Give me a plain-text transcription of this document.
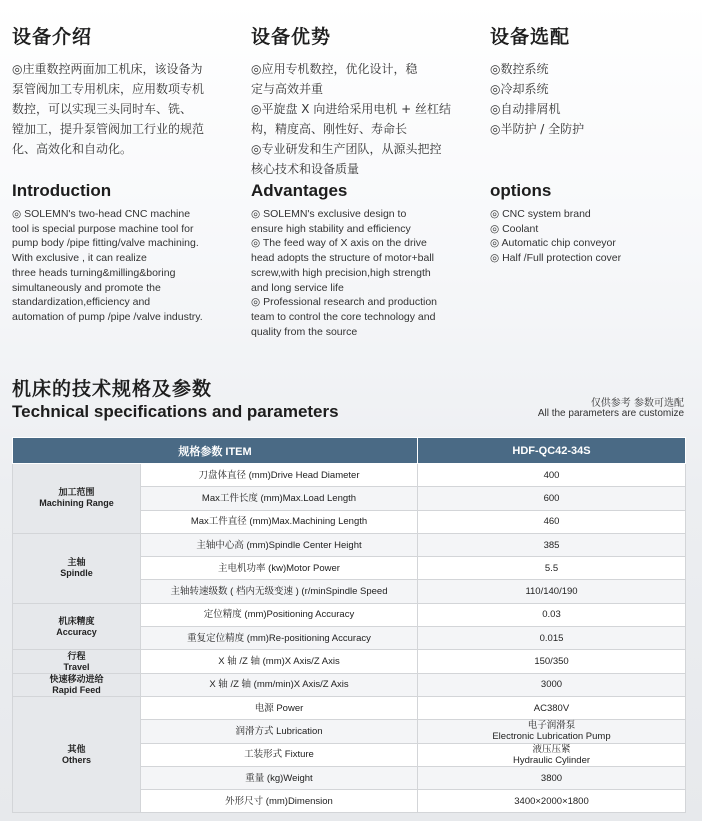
设备介绍

◎庄重数控两面加工机床，该设备为

泵管阀加工专用机床，应用数项专机

数控，可以实现三头同时车、铣、

镗加工，提升泵管阀加工行业的规范

化、高效化和自动化。

Introduction

◎ SOLEMN's two-head CNC machine

tool is special purpose machine tool for

pump body /pipe fitting/valve machining.

With exclusive , it can realize

three heads turning&milling&boring

simultaneously and promote the

standardization,efficiency and

automation of pump /pipe /valve industry.

设备优势

◎应用专机数控，优化设计，稳

定与高效并重

◎平旋盘 X 向进给采用电机 + 丝杠结

构，精度高、刚性好、寿命长

◎专业研发和生产团队，从源头把控

核心技术和设备质量

Advantages

◎ SOLEMN's exclusive design to

ensure high stability and efficiency

◎ The feed way of X axis on the drive

head adopts the structure of motor+ball

screw,with high precision,high strength

and long service life

◎ Professional research and production

team to control the core technology and

quality from the source

设备选配

◎数控系统

◎冷却系统

◎自动排屑机

◎半防护 / 全防护

options

◎ CNC system brand

◎ Coolant

◎ Automatic chip conveyor

◎ Half /Full protection cover

机床的技术规格及参数
Technical specifications and parameters	仅供参考 参数可选配
All the parameters are customize
规格参数 ITEM		HDF-QC42-34S

加工范围
Machining Range	刀盘体直径 (mm)Drive Head Diameter	400
	Max工件长度 (mm)Max.Load Length	600
	Max工件直径 (mm)Max.Machining Length	460

主轴
Spindle	主轴中心高 (mm)Spindle Center Height	385
	主电机功率 (kw)Motor Power	5.5
	主轴转速级数 ( 档内无级变速 ) (r/minSpindle Speed	110/140/190

机床精度
Accuracy	定位精度 (mm)Positioning Accuracy	0.03
	重复定位精度 (mm)Re-positioning Accuracy	0.015

行程
Travel	X 轴 /Z 轴 (mm)X Axis/Z Axis	150/350

快速移动进给
Rapid Feed	X 轴 /Z 轴 (mm/min)X Axis/Z Axis	3000

其他
Others	电源 Power	AC380V
	润滑方式 Lubrication	电子润滑泵
Electronic Lubrication Pump

	工装形式 Fixture	液压压紧
Hydraulic Cylinder

	重量 (kg)Weight	3800
	外形尺寸 (mm)Dimension	3400×2000×1800
